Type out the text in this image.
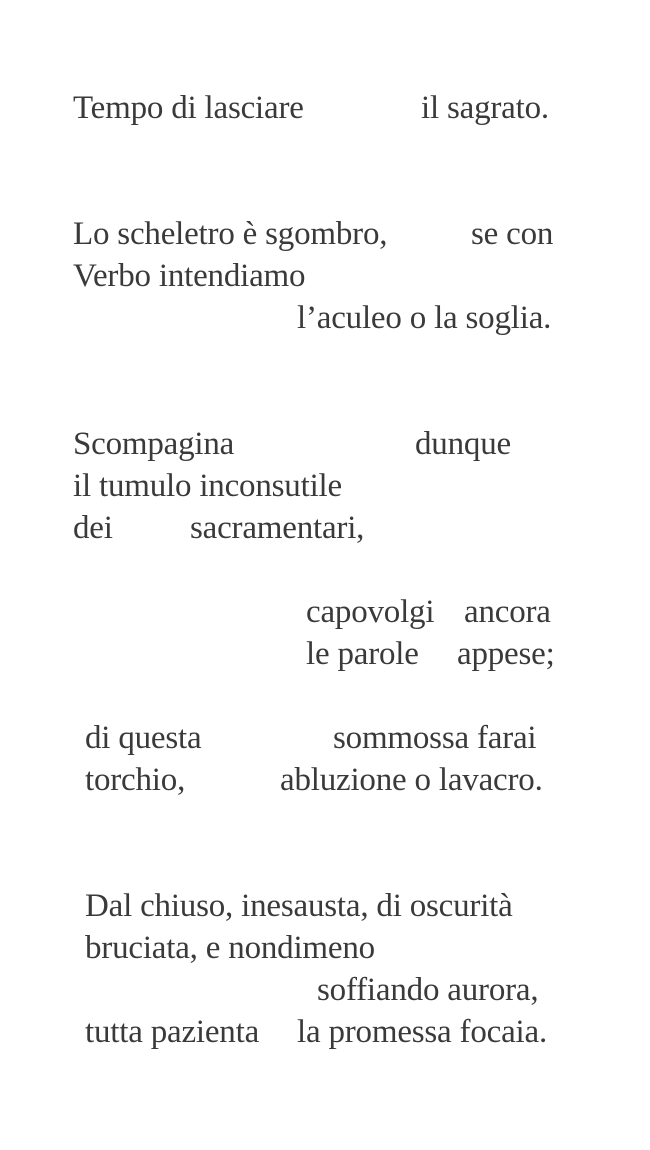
Tempo di lasciare	il sagrato.
Lo scheletro è sgombro,	se con
Verbo intendiamo
l’aculeo o la soglia.
Scompagina	dunque
il tumulo inconsutile
dei sacramentari,
capovolgi ancora
le parole appese;
di questa	sommossa farai
torchio,	abluzione o lavacro.
Dal chiuso, inesausta, di oscurità
bruciata, e nondimeno
soffiando aurora,
tutta pazienta la promessa focaia.
